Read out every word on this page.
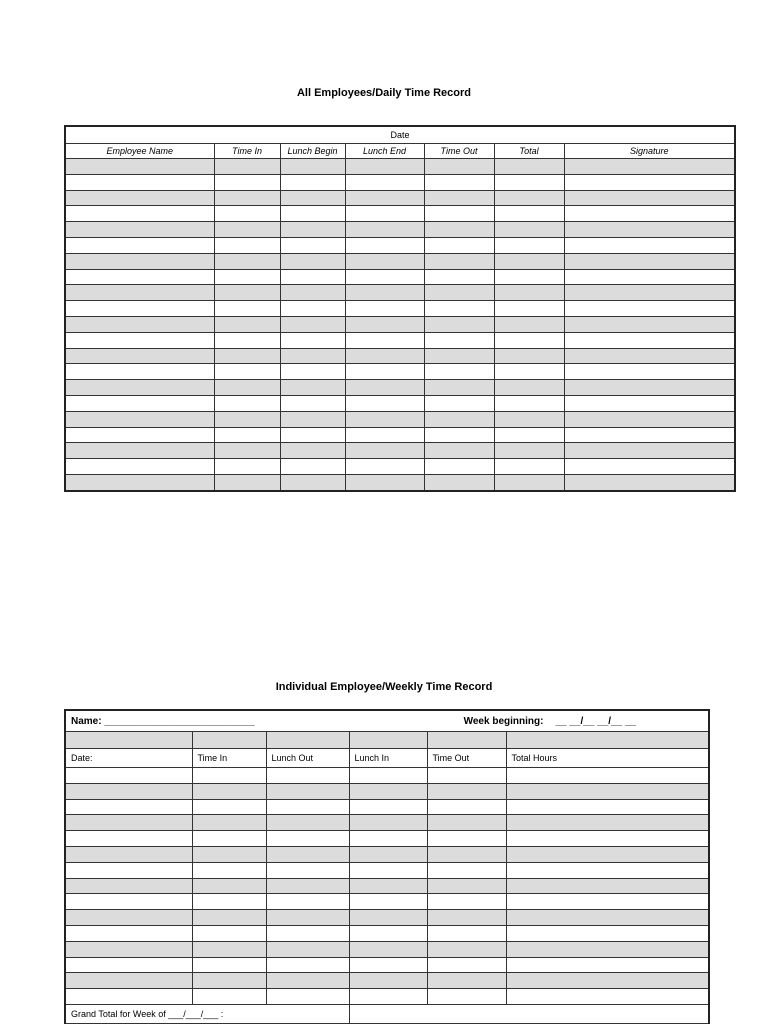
All Employees/Daily Time Record
Date						
Employee Name	Time In	Lunch Begin	Lunch End	Time Out	Total	Signature

Individual Employee/Weekly Time Record
Name: ___________________________ Week beginning: __ __/__ __/__ __					

Date:	Time In	Lunch Out	Lunch In	Time Out	Total Hours

Grand Total for Week of ___/___/___ :					
